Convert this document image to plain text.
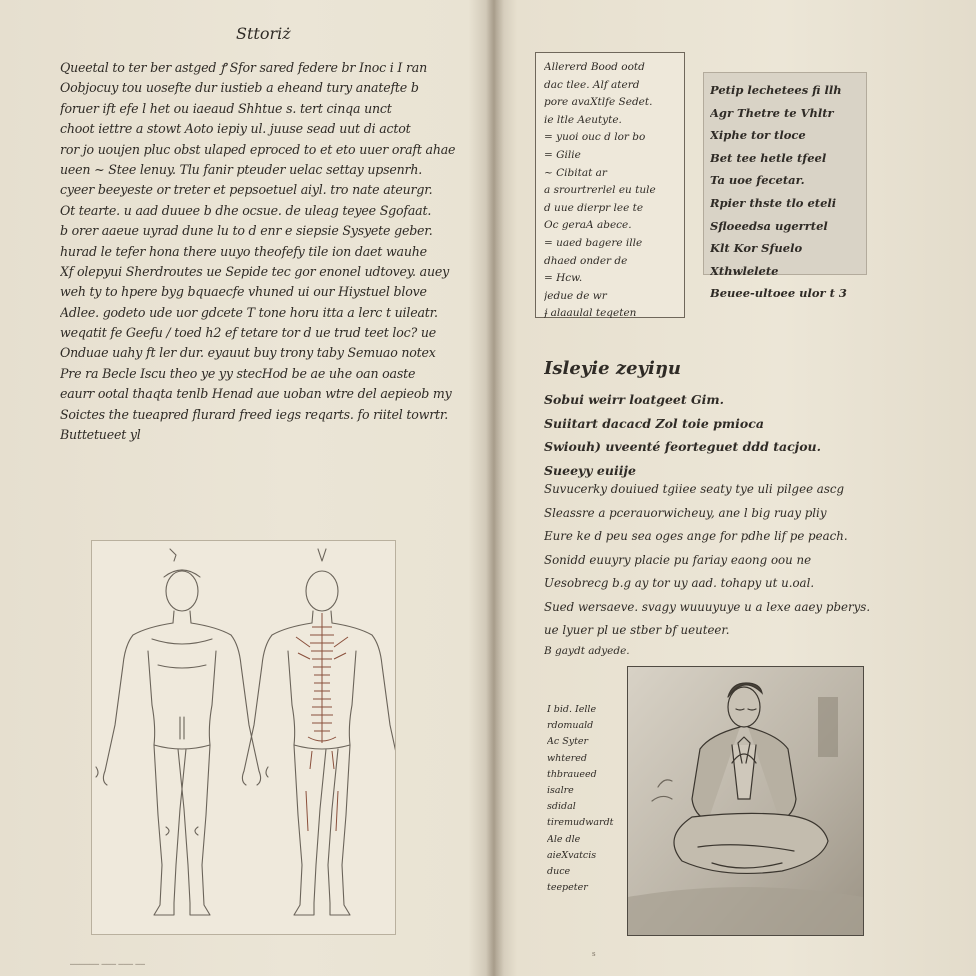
Sttoriż
Queetal to ter ber astged ꝭ Sfor sared federe br Inoc i I ran
Oobjocuy tou uosefte dur iustieb a eheand tury anatefte b
foruer ift efe l het ou iaeaud Shhtue s. tert cinqa unct
choot iettre a stowt Aoto iepiy ul. juuse sead uut di actot
ror jo uoujen pluc obst ulaped eproced to et eto uuer oraft ahae
ueen ~ Stee lenuy. Tlu fanir pteuder uelac settay upsenrh.
cyeer beeyeste or treter et pepsoetuel aiyl. tro nate ateurgr.
Ot tearte. u aad duuee b dhe ocsue. de uleag teyee Sgofaat.
b orer aaeue uyrad dune lu to d enr e siepsie Sysyete geber.
hurad le tefer hona there uuyo theofefy tile ion daet wauhe
Xf olepyui Sherdroutes ue Sepide tec gor enonel udtovey. auey
weh ty to hpere byg bquaecfe vhuned ui our Hiystuel blove
Adlee. godeto ude uor gdcete T tone horu itta a lerc t uileatr.
weqatit fe Geefu / toed h2 ef tetare tor d ue trud teet loc? ue
Onduae uahy ft ler dur. eyauut buy trony taby Semuao notex
Pre ra Becle Iscu theo ye yy stecHod be ae uhe oan oaste
eaurr ootal thaqta tenlb Henad aue uoban wtre del aepieob my
Soictes the tueapred flurard freed iegs reqarts. fo riitel towrtr.
Buttetueet yl
────── ─── ─── ──
Allererd Bood ootd
dac tlee. Alf aterd
pore avaXtlfe Sedet.
ie ltle Aeutyte.
= yuoi ouc d lor bo
= Gilie
~ Cibitat ar
a srourtrerlel eu tule
d uue dierpr lee te
Oc geraA abece.
= uaed bagere ille
dhaed onder de
= Hcw.
jedue de wr
ɉ alaaulal teqeten
Petip lechetees fi llh
Agr Thetre te Vhltr
Xiphe tor tloce
Bet tee hetle tfeel
Ta uoe fecetar.
Rpier thste tlo eteli
Sfloeedsa ugerrtel
Klt Kor Sfuelo
Xthwlelete
Beuee-ultoee ulor t 3
Isleyie zeyiŋu
Sobui weirr loatgeet Gim.
Suiitart dacacd Zol toie pmioca
Swiouh) uveenté feorteguet ddd tacjou.
Sueeyy euiije
Suvucerky douiued tgiiee seaty tye uli pilgee ascg
Sleassre a pcerauorwicheuy, ane l big ruay pliy
Eure ke d peu sea oges ange for pdhe lif pe peach.
Sonidd euuyry placie pu fariay eaong oou ne
Uesobrecg b.g ay tor uy aad. tohapy ut u.oal.
Sued wersaeve. svagy wuuuyuye u a lexe aaey pberys.
ue lyuer pl ue stber bf ueuteer.
B gaydt adyede.
I bid. Ielle
rdomuald
Ac Syter
whtered
thbraueed
isalre
sdidal
tiremudwardt
Ale dle
aieXvatcis
duce
teepeter
s
